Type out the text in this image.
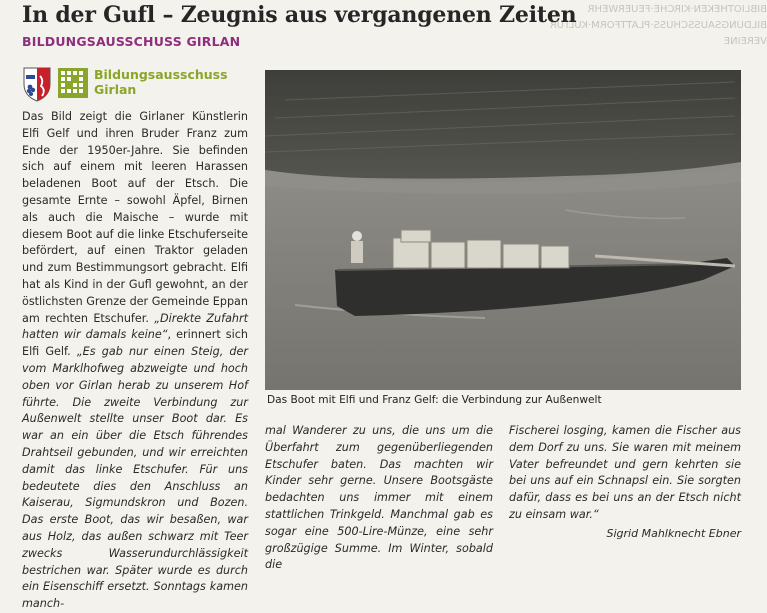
BIBLIOTHEKEN·KIRCHE·FEUERWEHR
BILDUNGSAUSSCHUSS·PLATTFORM·KULTUR
VEREINE
In der Gufl – Zeugnis aus vergangenen Zeiten
BILDUNGSAUSSCHUSS GIRLAN
Bildungsausschuss
Girlan

Das Bild zeigt die Girlaner Künstlerin Elfi Gelf und ihren Bruder Franz zum Ende der 1950er-Jahre. Sie befinden sich auf einem mit leeren Harassen beladenen Boot auf der Etsch. Die gesamte Ernte – sowohl Äpfel, Birnen als auch die Maische – wurde mit diesem Boot auf die linke Etschuferseite befördert, auf einen Traktor geladen und zum Bestimmungsort gebracht. Elfi hat als Kind in der Gufl gewohnt, an der östlichsten Grenze der Gemeinde Eppan am rechten Etschufer. „Direkte Zufahrt hatten wir damals keine“, erinnert sich Elfi Gelf. „Es gab nur einen Steig, der vom Marklhofweg abzweigte und hoch oben vor Girlan herab zu unserem Hof führte. Die zweite Verbindung zur Außenwelt stellte unser Boot dar. Es war an ein über die Etsch führendes Drahtseil gebunden, und wir erreichten damit das linke Etschufer. Für uns bedeutete dies den Anschluss an Kaiserau, Sigmundskron und Bozen. Das erste Boot, das wir besaßen, war aus Holz, das außen schwarz mit Teer zwecks Wasserundurchlässigkeit bestrichen war. Später wurde es durch ein Eisenschiff ersetzt. Sonntags kamen manch-

Das Boot mit Elfi und Franz Gelf: die Verbindung zur Außenwelt

mal Wanderer zu uns, die uns um die Überfahrt zum gegenüberliegenden Etschufer baten. Das machten wir Kinder sehr gerne. Unsere Bootsgäste bedachten uns immer mit einem stattlichen Trinkgeld. Manchmal gab es sogar eine 500-Lire-Münze, eine sehr großzügige Summe. Im Winter, sobald die

Fischerei losging, kamen die Fischer aus dem Dorf zu uns. Sie waren mit meinem Vater befreundet und gern kehrten sie bei uns auf ein Schnapsl ein. Sie sorgten dafür, dass es bei uns an der Etsch nicht zu einsam war.“

Sigrid Mahlknecht Ebner
